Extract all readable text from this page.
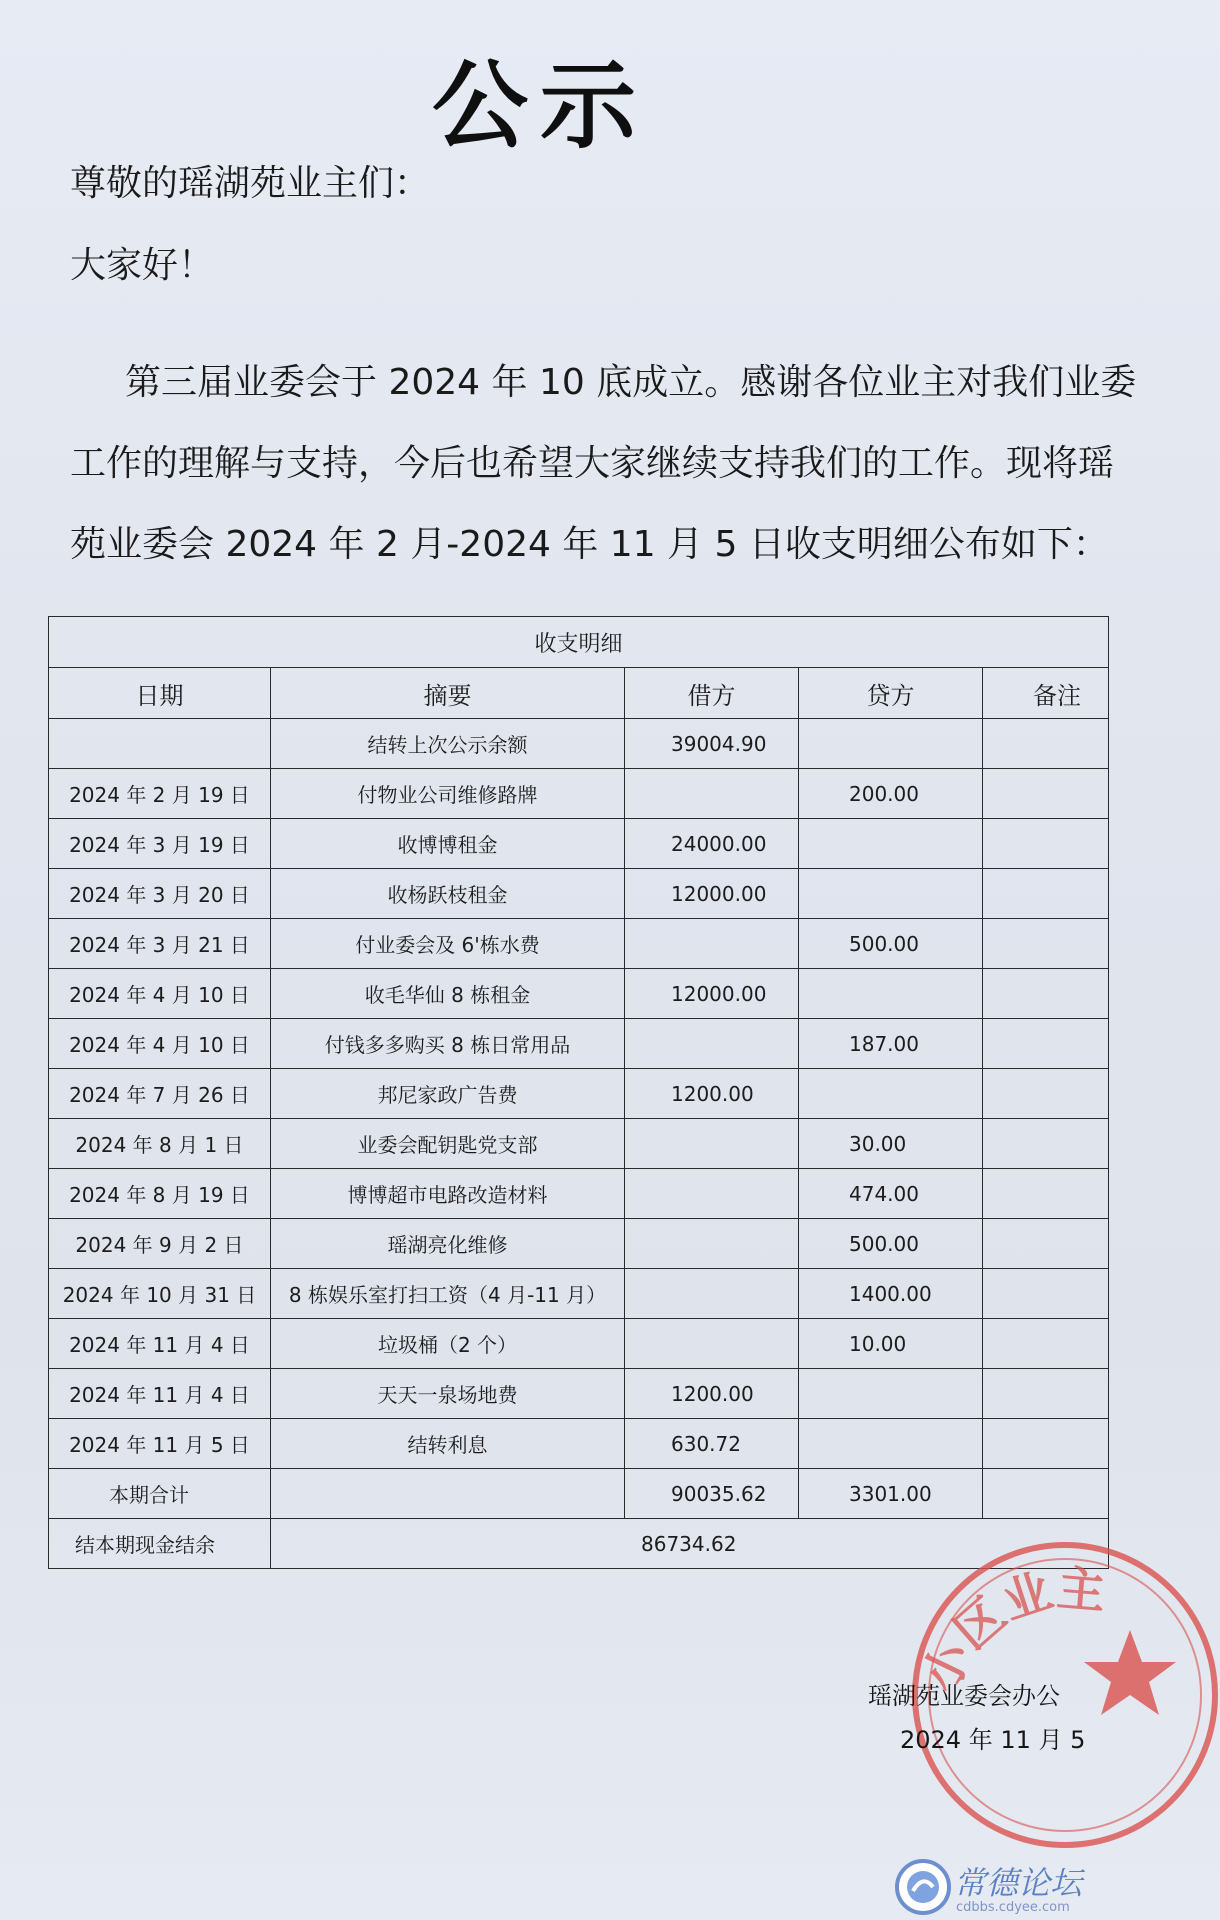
公示
尊敬的瑶湖苑业主们：
大家好！
第三届业委会于 2024 年 10 底成立。感谢各位业主对我们业委
工作的理解与支持，今后也希望大家继续支持我们的工作。现将瑶
苑业委会 2024 年 2 月-2024 年 11 月 5 日收支明细公布如下：
收支明细				
日期	摘要	借方	贷方	备注
	结转上次公示余额	39004.90		
2024 年 2 月 19 日	付物业公司维修路牌		200.00	
2024 年 3 月 19 日	收博博租金	24000.00		
2024 年 3 月 20 日	收杨跃枝租金	12000.00		
2024 年 3 月 21 日	付业委会及 6'栋水费		500.00	
2024 年 4 月 10 日	收毛华仙 8 栋租金	12000.00		
2024 年 4 月 10 日	付钱多多购买 8 栋日常用品		187.00	
2024 年 7 月 26 日	邦尼家政广告费	1200.00		
2024 年 8 月 1 日	业委会配钥匙党支部		30.00	
2024 年 8 月 19 日	博博超市电路改造材料		474.00	
2024 年 9 月 2 日	瑶湖亮化维修		500.00	
2024 年 10 月 31 日	8 栋娱乐室打扫工资（4 月-11 月）		1400.00	
2024 年 11 月 4 日	垃圾桶（2 个）		10.00	
2024 年 11 月 4 日	天天一泉场地费	1200.00		
2024 年 11 月 5 日	结转利息	630.72		
本期合计		90035.62	3301.00	
结本期现金结余	86734.62			
小区业主
瑶湖苑业委会办公
2024 年 11 月 5
常德论坛
cdbbs.cdyee.com
